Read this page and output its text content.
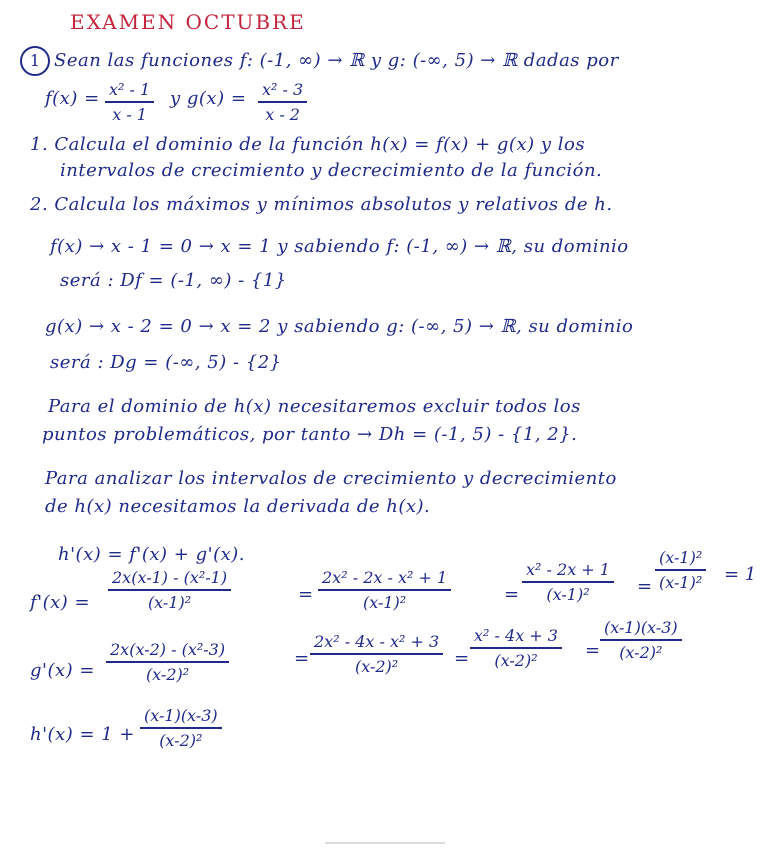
EXAMEN OCTUBRE
1 Sean las funciones f: (-1, ∞) → ℝ y g: (-∞, 5) → ℝ dadas por
f(x) = x² - 1
x - 1
y g(x) = x² - 3
x - 2
1. Calcula el dominio de la función h(x) = f(x) + g(x) y los
intervalos de crecimiento y decrecimiento de la función.
2. Calcula los máximos y mínimos absolutos y relativos de h.
f(x) → x - 1 = 0 → x = 1 y sabiendo f: (-1, ∞) → ℝ, su dominio
será : Df = (-1, ∞) - {1}
g(x) → x - 2 = 0 → x = 2 y sabiendo g: (-∞, 5) → ℝ, su dominio
será : Dg = (-∞, 5) - {2}
Para el dominio de h(x) necesitaremos excluir todos los
puntos problemáticos, por tanto → Dh = (-1, 5) - {1, 2}.
Para analizar los intervalos de crecimiento y decrecimiento
de h(x) necesitamos la derivada de h(x).
h'(x) = f'(x) + g'(x).
f'(x) =
2x(x-1) - (x²-1)
(x-1)²	=
2x² - 2x - x² + 1
(x-1)²	=
x² - 2x + 1
(x-1)²	=
(x-1)²
(x-1)² = 1
g'(x) =
2x(x-2) - (x²-3)
(x-2)²
=
2x² - 4x - x² + 3
(x-2)²	=
x² - 4x + 3
(x-2)²	=
(x-1)(x-3)
(x-2)²
h'(x) = 1 +
(x-1)(x-3)
(x-2)²
